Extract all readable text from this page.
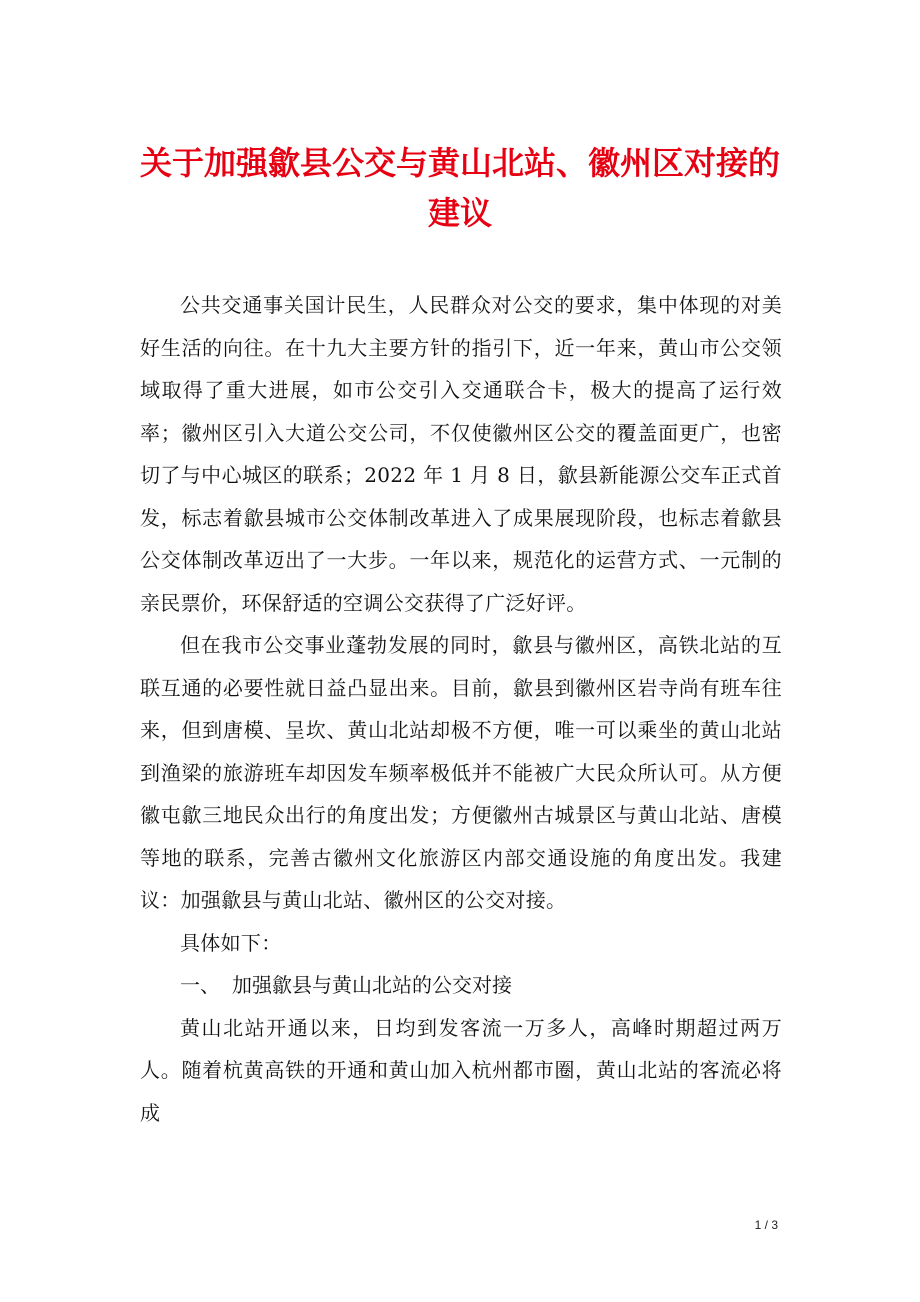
关于加强歙县公交与黄山北站、徽州区对接的建议

公共交通事关国计民生，人民群众对公交的要求，集中体现的对美好生活的向往。在十九大主要方针的指引下，近一年来，黄山市公交领域取得了重大进展，如市公交引入交通联合卡，极大的提高了运行效率；徽州区引入大道公交公司，不仅使徽州区公交的覆盖面更广，也密切了与中心城区的联系；2022 年 1 月 8 日，歙县新能源公交车正式首发，标志着歙县城市公交体制改革进入了成果展现阶段，也标志着歙县公交体制改革迈出了一大步。一年以来，规范化的运营方式、一元制的亲民票价，环保舒适的空调公交获得了广泛好评。

但在我市公交事业蓬勃发展的同时，歙县与徽州区，高铁北站的互联互通的必要性就日益凸显出来。目前，歙县到徽州区岩寺尚有班车往来，但到唐模、呈坎、黄山北站却极不方便，唯一可以乘坐的黄山北站到渔梁的旅游班车却因发车频率极低并不能被广大民众所认可。从方便徽屯歙三地民众出行的角度出发；方便徽州古城景区与黄山北站、唐模等地的联系，完善古徽州文化旅游区内部交通设施的角度出发。我建议：加强歙县与黄山北站、徽州区的公交对接。

具体如下：

一、 加强歙县与黄山北站的公交对接

黄山北站开通以来，日均到发客流一万多人，高峰时期超过两万人。随着杭黄高铁的开通和黄山加入杭州都市圈，黄山北站的客流必将成

1 / 3
